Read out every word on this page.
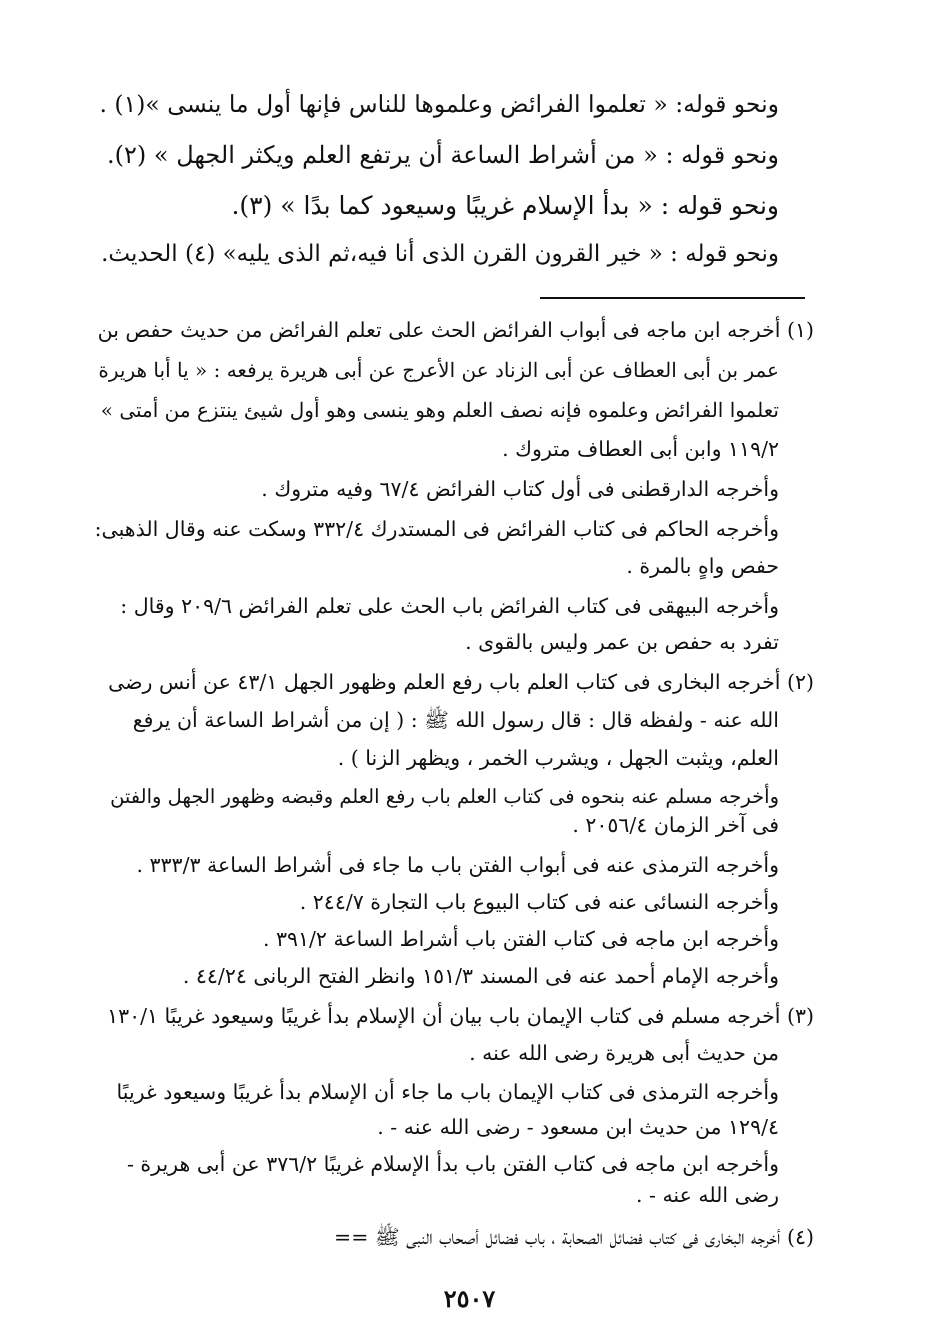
ونحو قوله: « تعلموا الفرائض وعلموها للناس فإنها أول ما ينسى »(١) .
ونحو قوله : « من أشراط الساعة أن يرتفع العلم ويكثر الجهل » (٢).
ونحو قوله : « بدأ الإسلام غريبًا وسيعود كما بدًا » (٣).
ونحو قوله : « خير القرون القرن الذى أنا فيه،ثم الذى يليه» (٤) الحديث.
(١) أخرجه ابن ماجه فى أبواب الفرائض الحث على تعلم الفرائض من حديث حفص بن
عمر بن أبى العطاف عن أبى الزناد عن الأعرج عن أبى هريرة يرفعه : « يا أبا هريرة
تعلموا الفرائض وعلموه فإنه نصف العلم وهو ينسى وهو أول شيئ ينتزع من أمتى »
١١٩/٢ وابن أبى العطاف متروك .
وأخرجه الدارقطنى فى أول كتاب الفرائض ٦٧/٤ وفيه متروك .
وأخرجه الحاكم فى كتاب الفرائض فى المستدرك ٣٣٢/٤ وسكت عنه وقال الذهبى:
حفص واهٍ بالمرة .
وأخرجه البيهقى فى كتاب الفرائض باب الحث على تعلم الفرائض ٢٠٩/٦ وقال :
تفرد به حفص بن عمر وليس بالقوى .
(٢) أخرجه البخارى فى كتاب العلم باب رفع العلم وظهور الجهل ٤٣/١ عن أنس رضى
الله عنه - ولفظه قال : قال رسول الله ﷺ : ( إن من أشراط الساعة أن يرفع
العلم، ويثبت الجهل ، ويشرب الخمر ، ويظهر الزنا ) .
وأخرجه مسلم عنه بنحوه فى كتاب العلم باب رفع العلم وقبضه وظهور الجهل والفتن
فى آخر الزمان ٢٠٥٦/٤ .
وأخرجه الترمذى عنه فى أبواب الفتن باب ما جاء فى أشراط الساعة ٣٣٣/٣ .
وأخرجه النسائى عنه فى كتاب البيوع باب التجارة ٢٤٤/٧ .
وأخرجه ابن ماجه فى كتاب الفتن باب أشراط الساعة ٣٩١/٢ .
وأخرجه الإمام أحمد عنه فى المسند ١٥١/٣ وانظر الفتح الربانى ٤٤/٢٤ .
(٣) أخرجه مسلم فى كتاب الإيمان باب بيان أن الإسلام بدأ غريبًا وسيعود غريبًا ١٣٠/١
من حديث أبى هريرة رضى الله عنه .
وأخرجه الترمذى فى كتاب الإيمان باب ما جاء أن الإسلام بدأ غريبًا وسيعود غريبًا
١٢٩/٤ من حديث ابن مسعود - رضى الله عنه - .
وأخرجه ابن ماجه فى كتاب الفتن باب بدأ الإسلام غريبًا ٣٧٦/٢ عن أبى هريرة -
رضى الله عنه - .
(٤) أخرجه البخارى فى كتاب فضائل الصحابة ، باب فضائل أصحاب النبى ﷺ ==
٢٥٠٧
